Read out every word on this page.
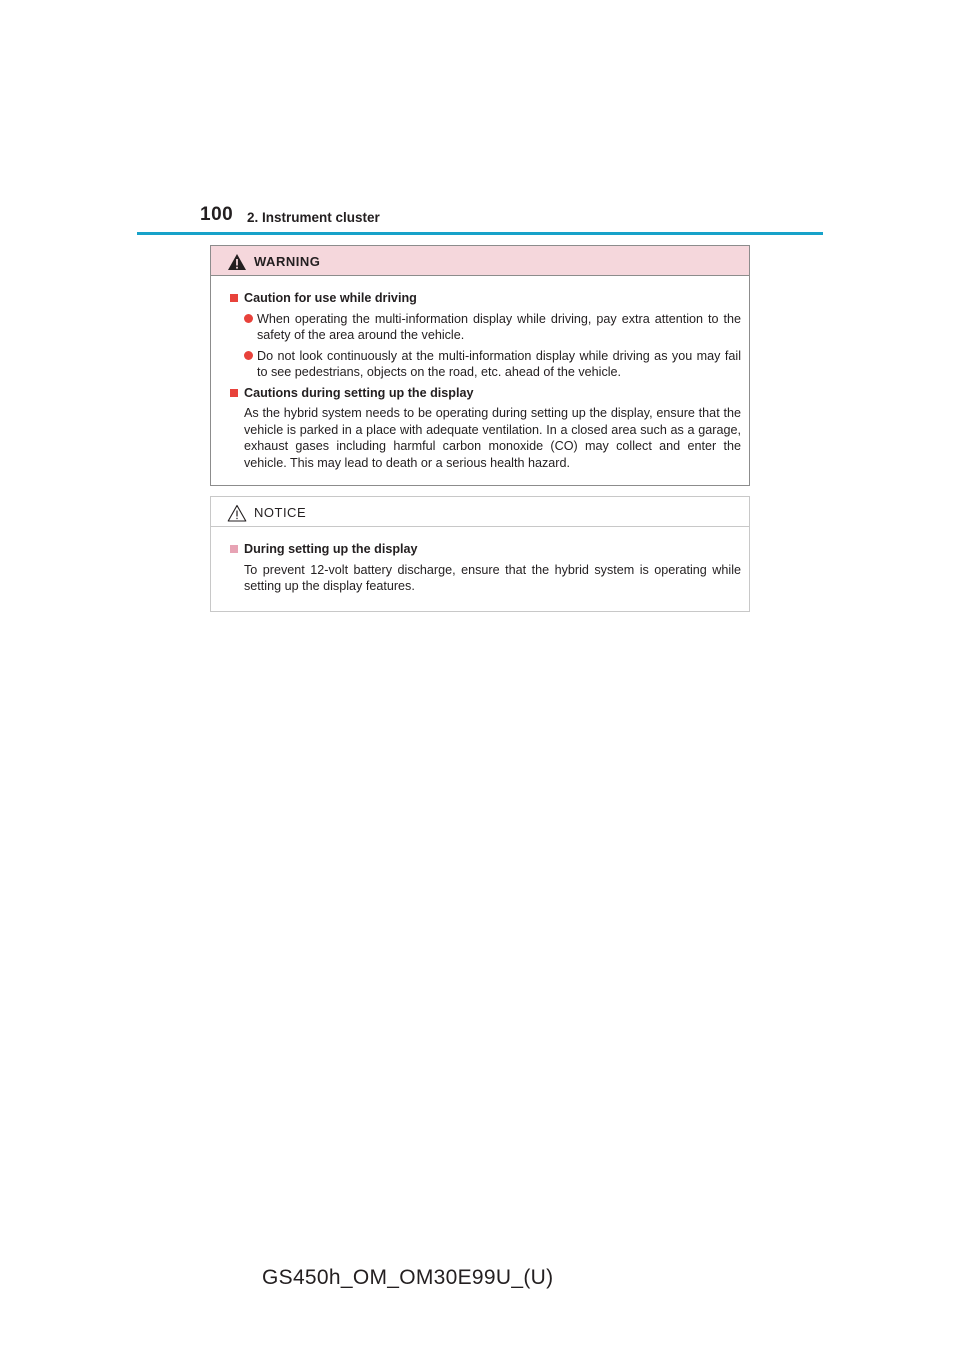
100 2. Instrument cluster
WARNING
Caution for use while driving
When operating the multi-information display while driving, pay extra attention to the safety of the area around the vehicle.
Do not look continuously at the multi-information display while driving as you may fail to see pedestrians, objects on the road, etc. ahead of the vehicle.
Cautions during setting up the display
As the hybrid system needs to be operating during setting up the display, ensure that the vehicle is parked in a place with adequate ventilation. In a closed area such as a garage, exhaust gases including harmful carbon monoxide (CO) may collect and enter the vehicle. This may lead to death or a serious health hazard.
NOTICE
During setting up the display
To prevent 12-volt battery discharge, ensure that the hybrid system is operating while setting up the display features.
GS450h_OM_OM30E99U_(U)
